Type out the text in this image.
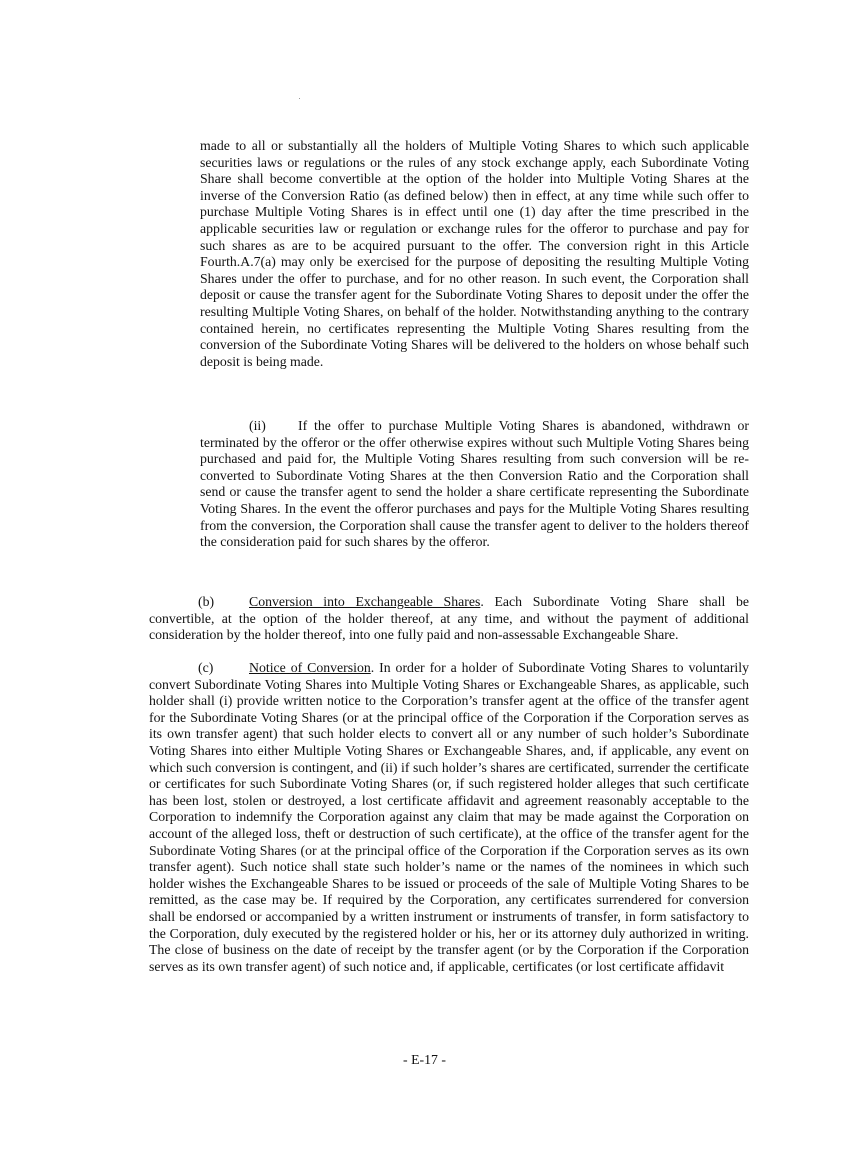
made to all or substantially all the holders of Multiple Voting Shares to which such applicable securities laws or regulations or the rules of any stock exchange apply, each Subordinate Voting Share shall become convertible at the option of the holder into Multiple Voting Shares at the inverse of the Conversion Ratio (as defined below) then in effect, at any time while such offer to purchase Multiple Voting Shares is in effect until one (1) day after the time prescribed in the applicable securities law or regulation or exchange rules for the offeror to purchase and pay for such shares as are to be acquired pursuant to the offer. The conversion right in this Article Fourth.A.7(a) may only be exercised for the purpose of depositing the resulting Multiple Voting Shares under the offer to purchase, and for no other reason. In such event, the Corporation shall deposit or cause the transfer agent for the Subordinate Voting Shares to deposit under the offer the resulting Multiple Voting Shares, on behalf of the holder. Notwithstanding anything to the contrary contained herein, no certificates representing the Multiple Voting Shares resulting from the conversion of the Subordinate Voting Shares will be delivered to the holders on whose behalf such deposit is being made.

(ii) If the offer to purchase Multiple Voting Shares is abandoned, withdrawn or terminated by the offeror or the offer otherwise expires without such Multiple Voting Shares being purchased and paid for, the Multiple Voting Shares resulting from such conversion will be re-converted to Subordinate Voting Shares at the then Conversion Ratio and the Corporation shall send or cause the transfer agent to send the holder a share certificate representing the Subordinate Voting Shares. In the event the offeror purchases and pays for the Multiple Voting Shares resulting from the conversion, the Corporation shall cause the transfer agent to deliver to the holders thereof the consideration paid for such shares by the offeror.

(b)	Conversion into Exchangeable Shares. Each Subordinate Voting Share shall be convertible, at the option of the holder thereof, at any time, and without the payment of additional consideration by the holder thereof, into one fully paid and non-assessable Exchangeable Share.

(c)	Notice of Conversion. In order for a holder of Subordinate Voting Shares to voluntarily convert Subordinate Voting Shares into Multiple Voting Shares or Exchangeable Shares, as applicable, such holder shall (i) provide written notice to the Corporation’s transfer agent at the office of the transfer agent for the Subordinate Voting Shares (or at the principal office of the Corporation if the Corporation serves as its own transfer agent) that such holder elects to convert all or any number of such holder’s Subordinate Voting Shares into either Multiple Voting Shares or Exchangeable Shares, and, if applicable, any event on which such conversion is contingent, and (ii) if such holder’s shares are certificated, surrender the certificate or certificates for such Subordinate Voting Shares (or, if such registered holder alleges that such certificate has been lost, stolen or destroyed, a lost certificate affidavit and agreement reasonably acceptable to the Corporation to indemnify the Corporation against any claim that may be made against the Corporation on account of the alleged loss, theft or destruction of such certificate), at the office of the transfer agent for the Subordinate Voting Shares (or at the principal office of the Corporation if the Corporation serves as its own transfer agent). Such notice shall state such holder’s name or the names of the nominees in which such holder wishes the Exchangeable Shares to be issued or proceeds of the sale of Multiple Voting Shares to be remitted, as the case may be. If required by the Corporation, any certificates surrendered for conversion shall be endorsed or accompanied by a written instrument or instruments of transfer, in form satisfactory to the Corporation, duly executed by the registered holder or his, her or its attorney duly authorized in writing. The close of business on the date of receipt by the transfer agent (or by the Corporation if the Corporation serves as its own transfer agent) of such notice and, if applicable, certificates (or lost certificate affidavit

- E-17 -
